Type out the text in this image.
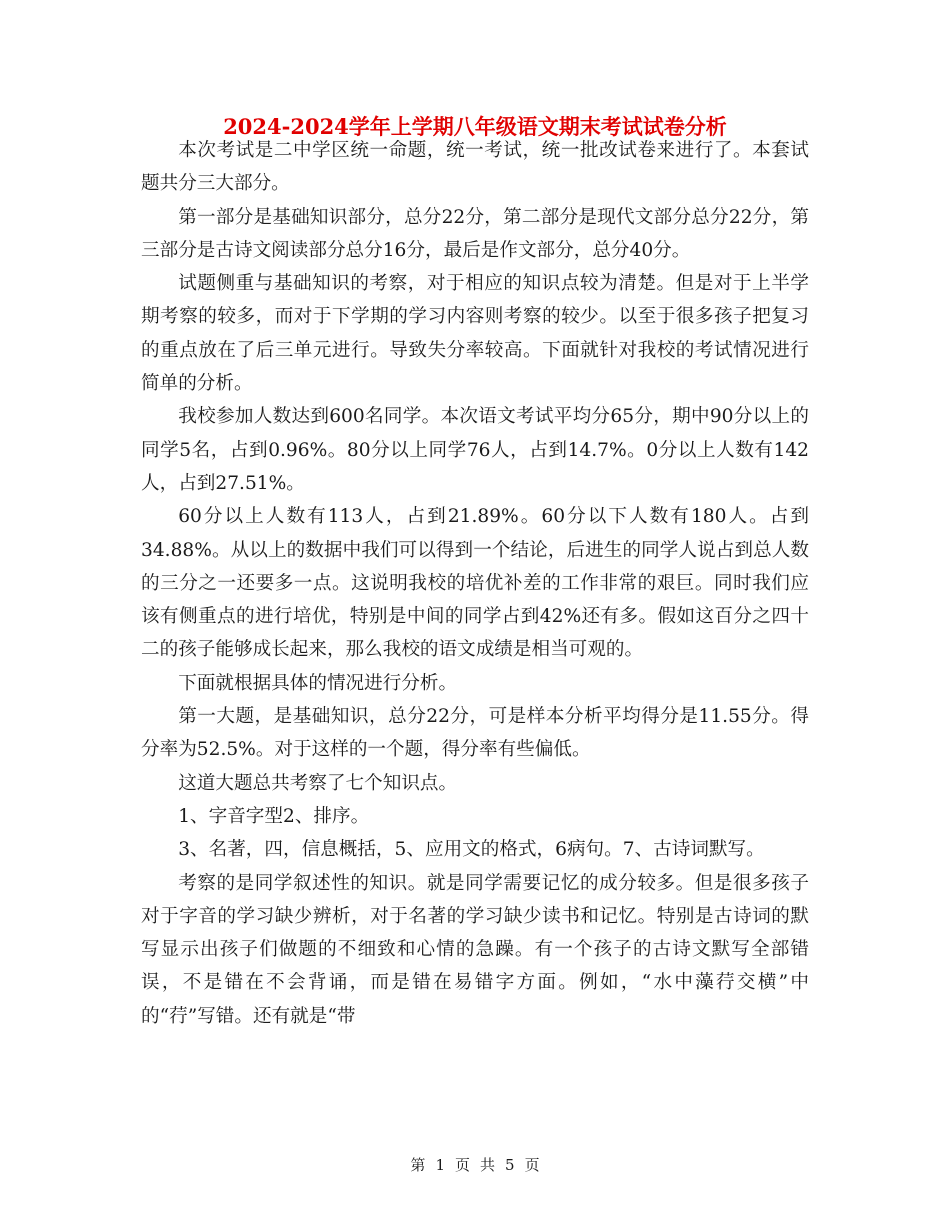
2024-2024学年上学期八年级语文期末考试试卷分析

本次考试是二中学区统一命题，统一考试，统一批改试卷来进行了。本套试题共分三大部分。

第一部分是基础知识部分，总分22分，第二部分是现代文部分总分22分，第三部分是古诗文阅读部分总分16分，最后是作文部分，总分40分。

试题侧重与基础知识的考察，对于相应的知识点较为清楚。但是对于上半学期考察的较多，而对于下学期的学习内容则考察的较少。以至于很多孩子把复习的重点放在了后三单元进行。导致失分率较高。下面就针对我校的考试情况进行简单的分析。

我校参加人数达到600名同学。本次语文考试平均分65分，期中90分以上的同学5名，占到0.96%。80分以上同学76人，占到14.7%。0分以上人数有142人，占到27.51%。

60分以上人数有113人，占到21.89%。60分以下人数有180人。占到34.88%。从以上的数据中我们可以得到一个结论，后进生的同学人说占到总人数的三分之一还要多一点。这说明我校的培优补差的工作非常的艰巨。同时我们应该有侧重点的进行培优，特别是中间的同学占到42%还有多。假如这百分之四十二的孩子能够成长起来，那么我校的语文成绩是相当可观的。

下面就根据具体的情况进行分析。

第一大题，是基础知识，总分22分，可是样本分析平均得分是11.55分。得分率为52.5%。对于这样的一个题，得分率有些偏低。

这道大题总共考察了七个知识点。

1、字音字型2、排序。

3、名著，四，信息概括，5、应用文的格式，6病句。7、古诗词默写。

考察的是同学叙述性的知识。就是同学需要记忆的成分较多。但是很多孩子对于字音的学习缺少辨析，对于名著的学习缺少读书和记忆。特别是古诗词的默写显示出孩子们做题的不细致和心情的急躁。有一个孩子的古诗文默写全部错误，不是错在不会背诵，而是错在易错字方面。例如，“水中藻荇交横”中的“荇”写错。还有就是“带

第 1 页 共 5 页
